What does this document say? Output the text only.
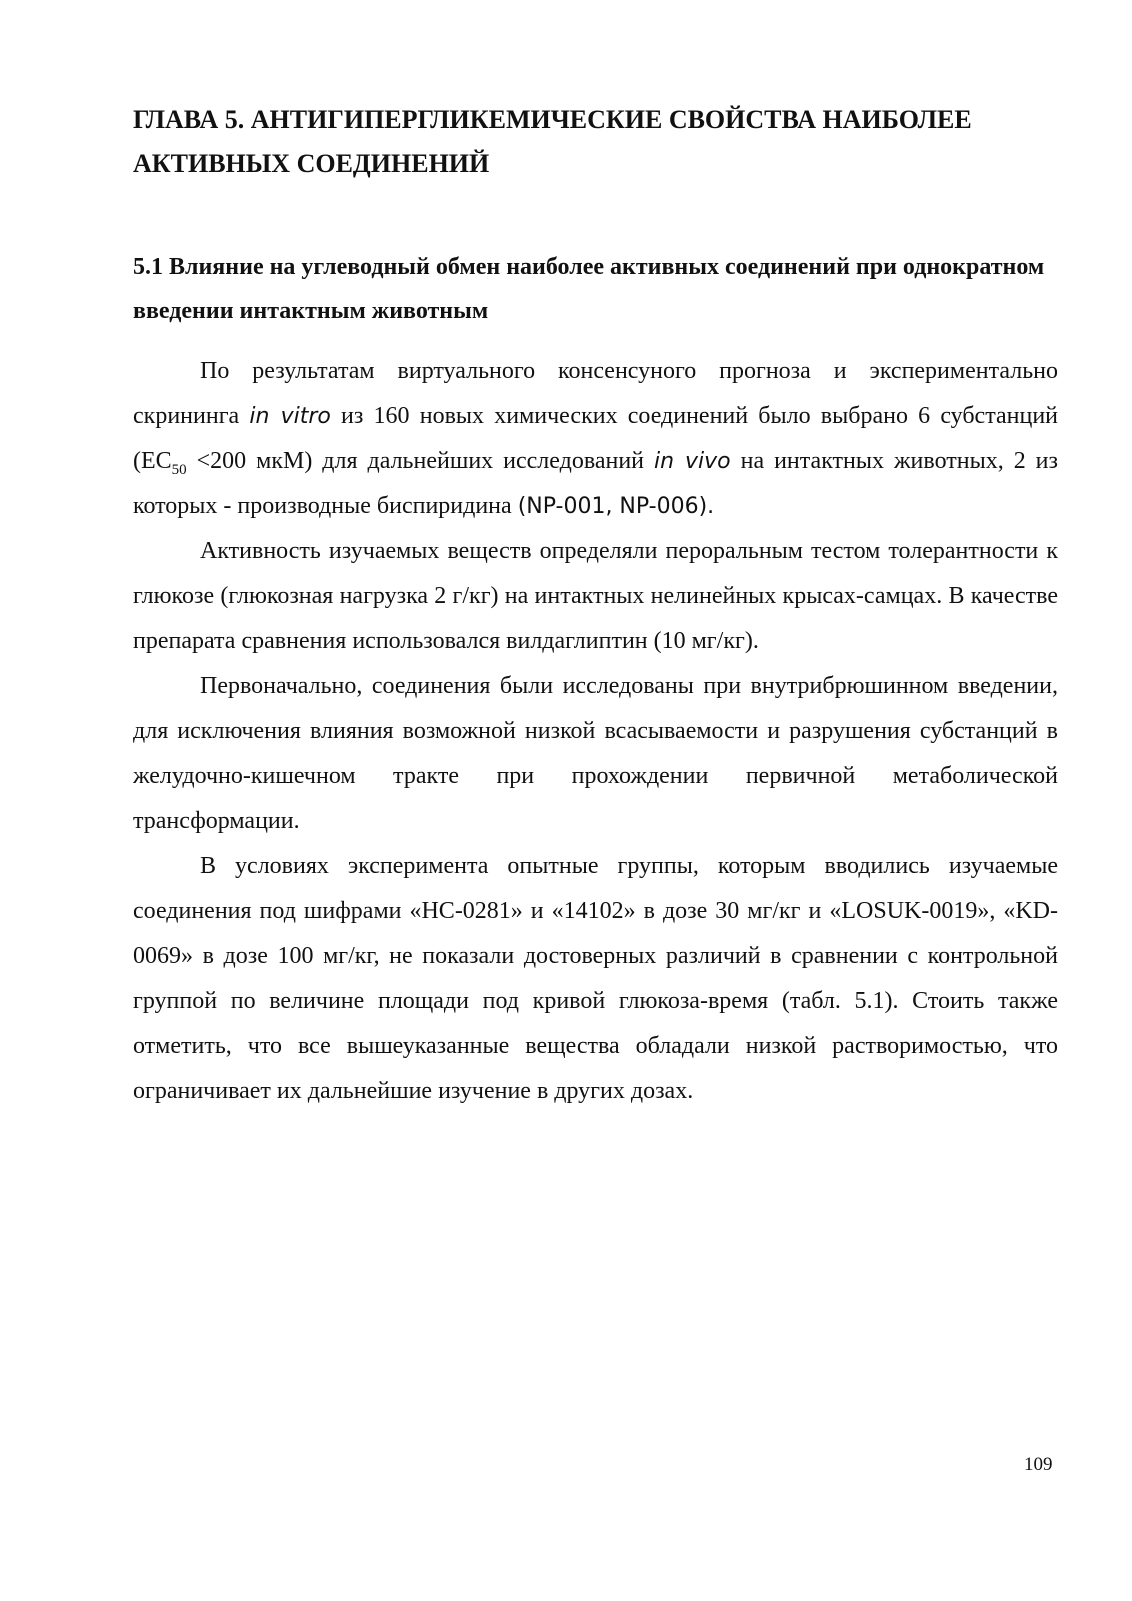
ГЛАВА 5. АНТИГИПЕРГЛИКЕМИЧЕСКИЕ СВОЙСТВА НАИБОЛЕЕ АКТИВНЫХ СОЕДИНЕНИЙ
5.1 Влияние на углеводный обмен наиболее активных соединений при однократном введении интактным животным

По результатам виртуального консенсуного прогноза и экспериментально скрининга in vitro из 160 новых химических соединений было выбрано 6 субстанций ($EC_{50} <200$ мкМ) для дальнейших исследований in vivo на интактных животных, 2 из которых - производные биспиридина (NP-001, NP-006).

Активность изучаемых веществ определяли пероральным тестом толерантности к глюкозе (глюкозная нагрузка 2 г/кг) на интактных нелинейных крысах-самцах. В качестве препарата сравнения использовался вилдаглиптин (10 мг/кг).

Первоначально, соединения были исследованы при внутрибрюшинном введении, для исключения влияния возможной низкой всасываемости и разрушения субстанций в желудочно-кишечном тракте при прохождении первичной метаболической трансформации.

В условиях эксперимента опытные группы, которым вводились изучаемые соединения под шифрами «НС-0281» и «14102» в дозе 30 мг/кг и «LOSUK-0019», «KD-0069» в дозе 100 мг/кг, не показали достоверных различий в сравнении с контрольной группой по величине площади под кривой глюкоза-время (табл. 5.1). Стоить также отметить, что все вышеуказанные вещества обладали низкой растворимостью, что ограничивает их дальнейшие изучение в других дозах.

109
